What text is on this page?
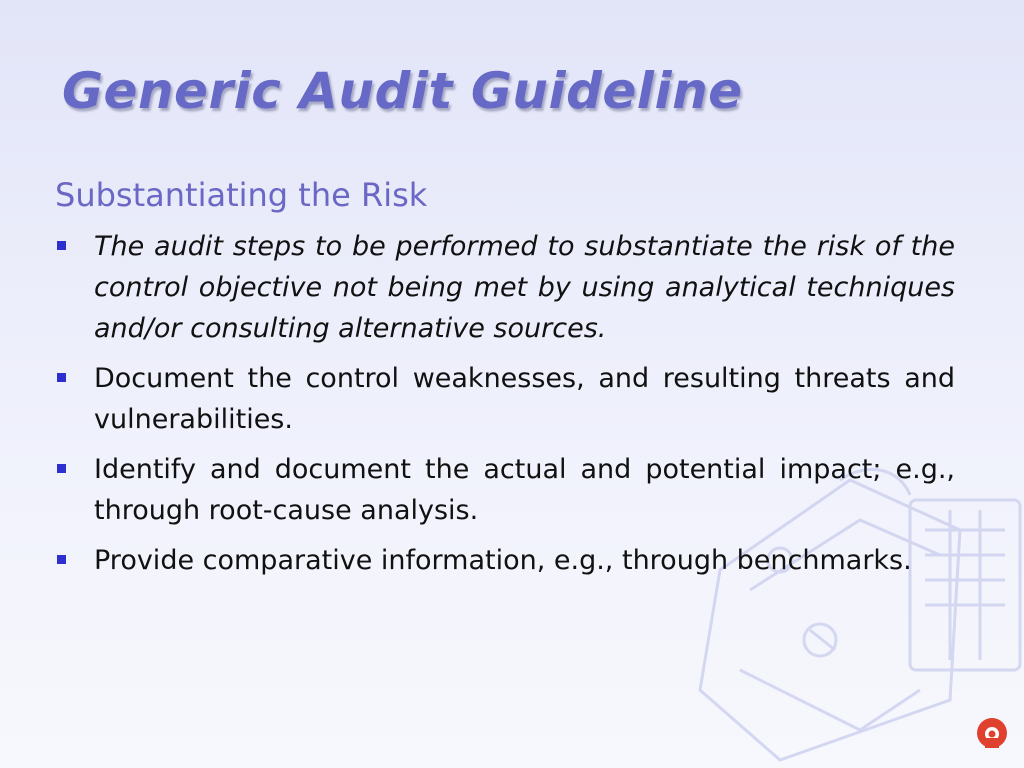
Generic Audit Guideline
Substantiating the Risk
The audit steps to be performed to substantiate the risk of the control objective not being met by using analytical techniques and/or consulting alternative sources.
Document the control weaknesses, and resulting threats and vulnerabilities.
Identify and document the actual and potential impact; e.g., through root-cause analysis.
Provide comparative information, e.g., through benchmarks.
